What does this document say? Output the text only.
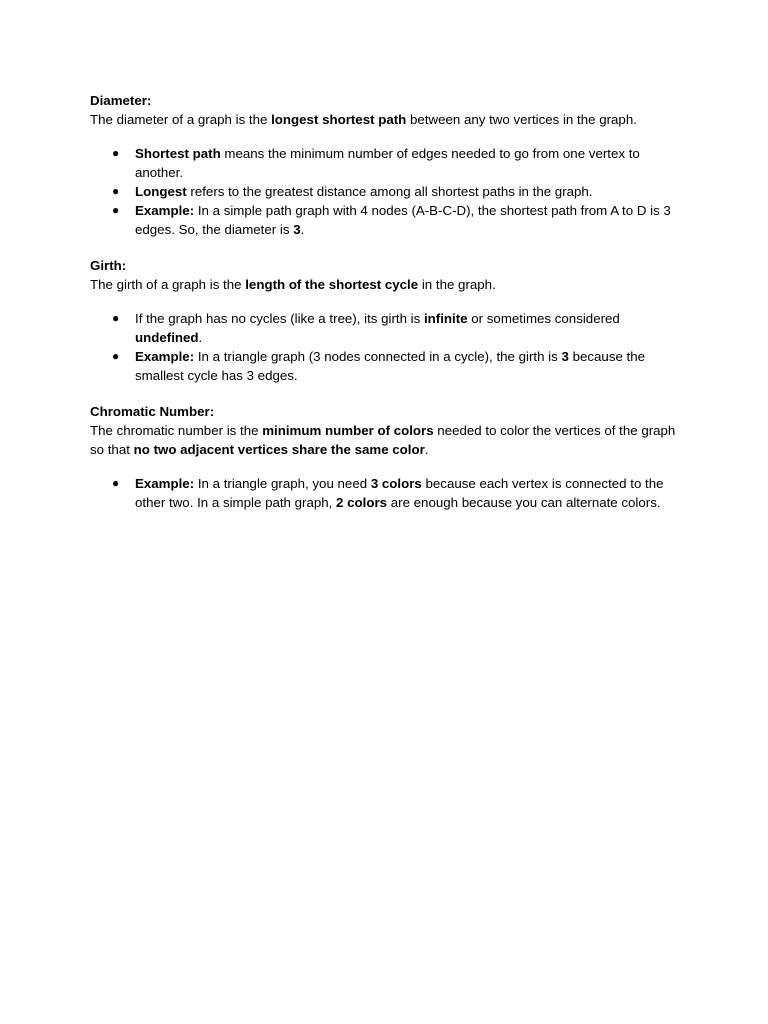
Diameter:
The diameter of a graph is the longest shortest path between any two vertices in the graph.
● Shortest path means the minimum number of edges needed to go from one vertex to another.
● Longest refers to the greatest distance among all shortest paths in the graph.
● Example: In a simple path graph with 4 nodes (A-B-C-D), the shortest path from A to D is 3 edges. So, the diameter is 3.
Girth:
The girth of a graph is the length of the shortest cycle in the graph.
● If the graph has no cycles (like a tree), its girth is infinite or sometimes considered undefined.
● Example: In a triangle graph (3 nodes connected in a cycle), the girth is 3 because the smallest cycle has 3 edges.
Chromatic Number:
The chromatic number is the minimum number of colors needed to color the vertices of the graph so that no two adjacent vertices share the same color.
● Example: In a triangle graph, you need 3 colors because each vertex is connected to the other two. In a simple path graph, 2 colors are enough because you can alternate colors.
